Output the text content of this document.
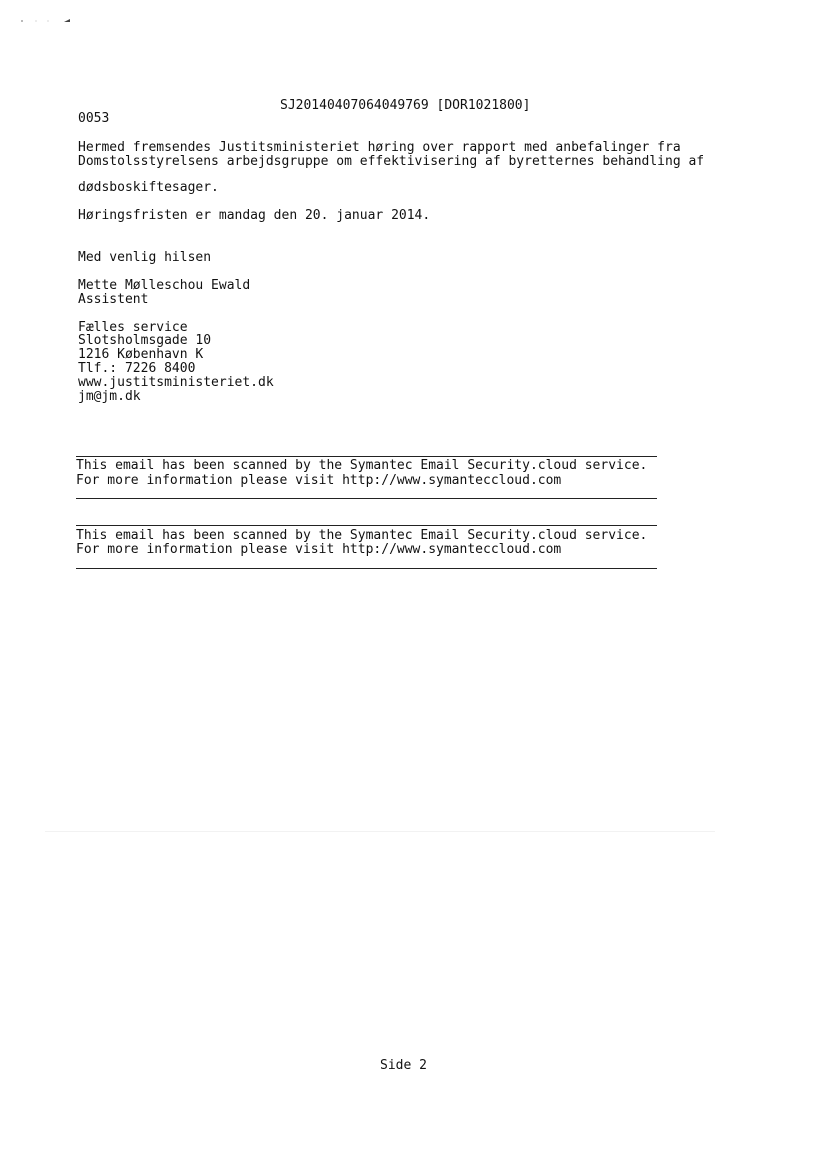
SJ20140407064049769 [DOR1021800]
0053
Hermed fremsendes Justitsministeriet høring over rapport med anbefalinger fra
Domstolsstyrelsens arbejdsgruppe om effektivisering af byretternes behandling af
dødsboskiftesager.
Høringsfristen er mandag den 20. januar 2014.
Med venlig hilsen
Mette Mølleschou Ewald
Assistent
Fælles service
Slotsholmsgade 10
1216 København K
Tlf.: 7226 8400
www.justitsministeriet.dk
jm@jm.dk
This email has been scanned by the Symantec Email Security.cloud service.
For more information please visit http://www.symanteccloud.com
This email has been scanned by the Symantec Email Security.cloud service.
For more information please visit http://www.symanteccloud.com
Side 2
